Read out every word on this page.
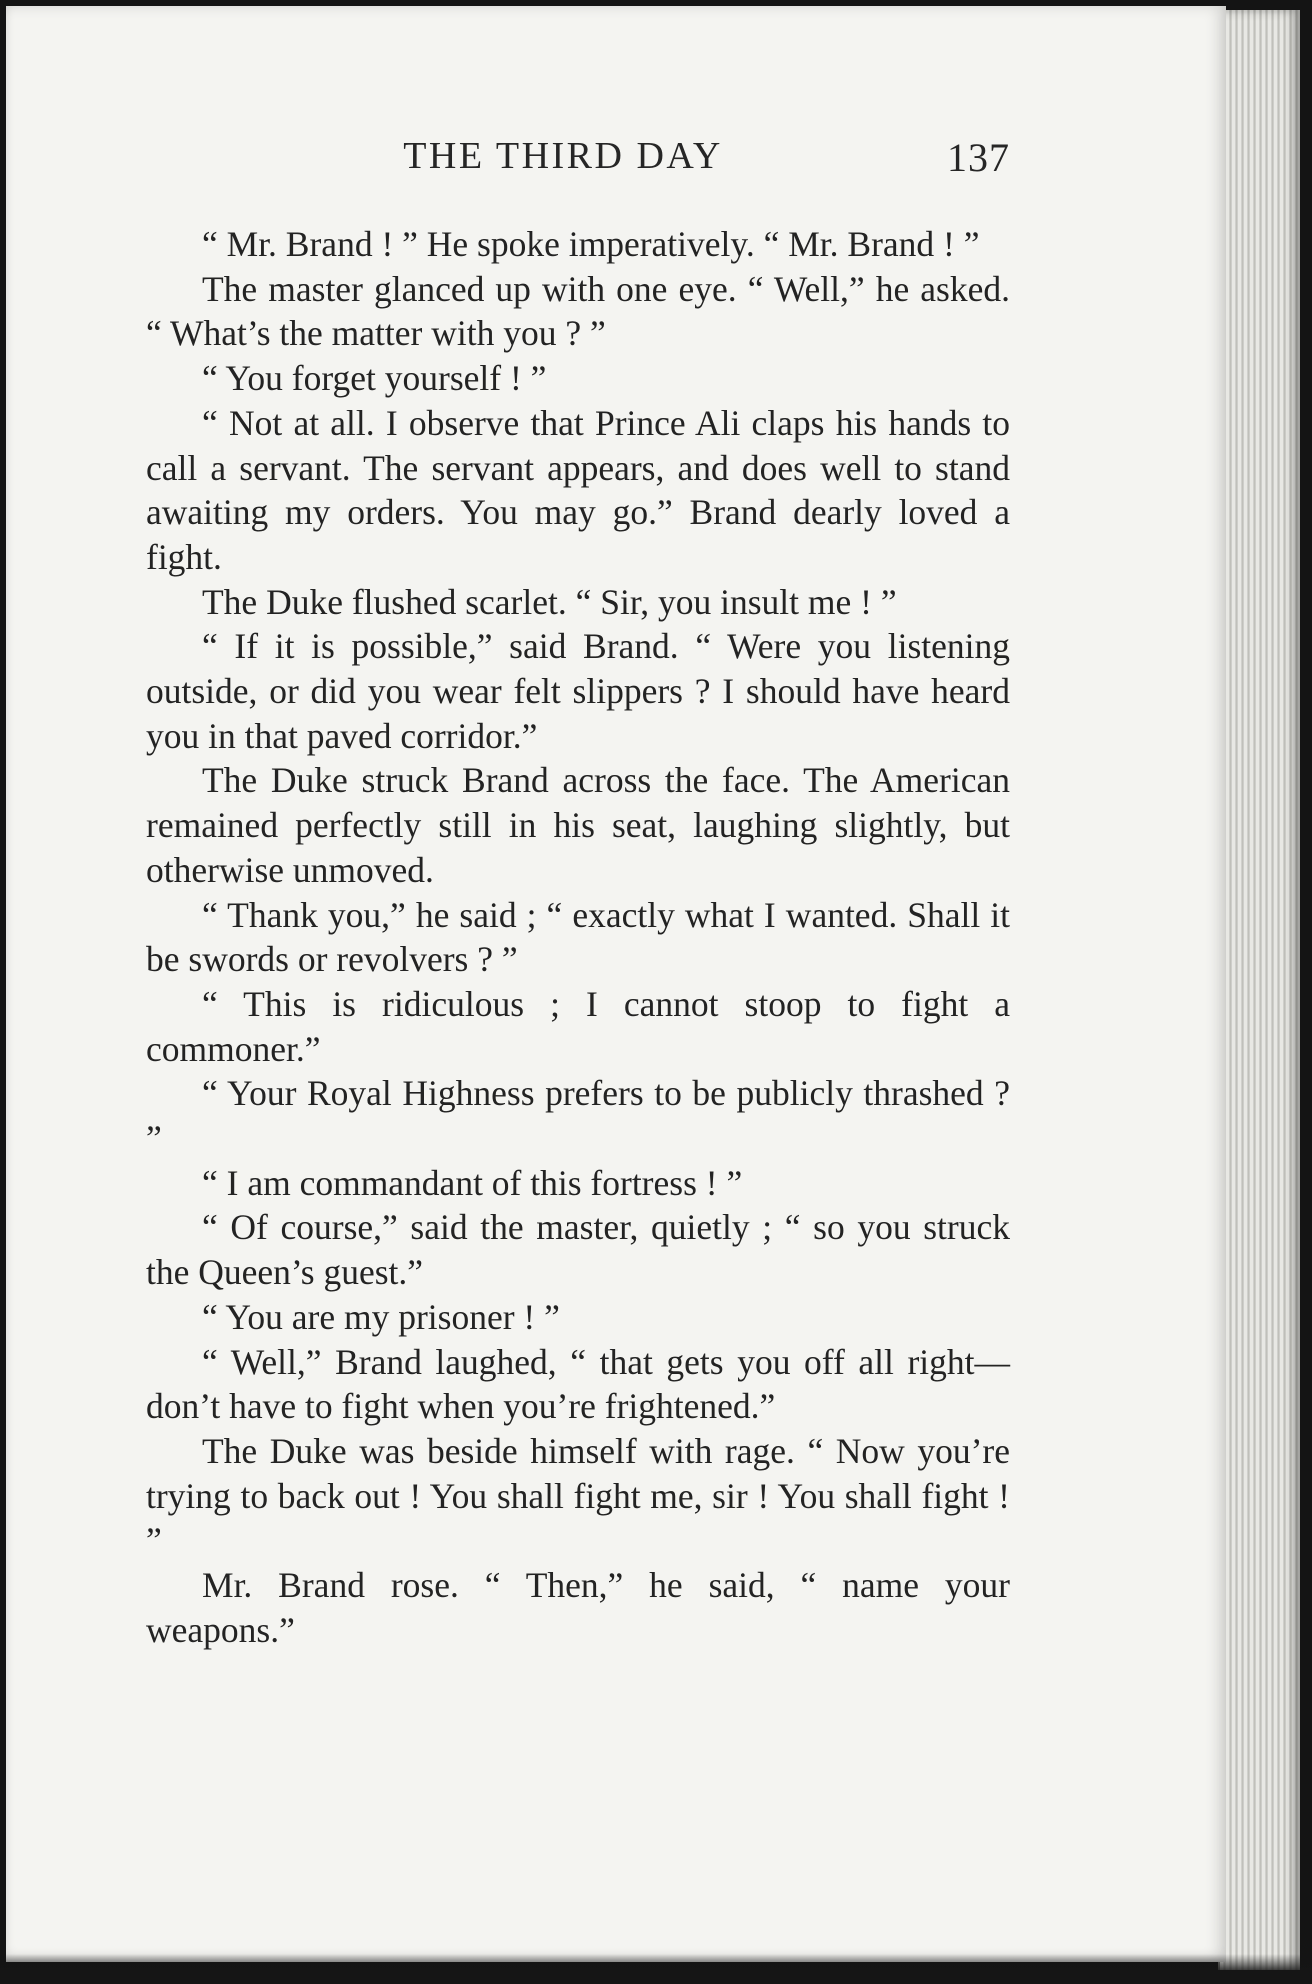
THE THIRD DAY	137

“ Mr. Brand ! ” He spoke imperatively. “ Mr. Brand ! ”

The master glanced up with one eye. “ Well,” he asked. “ What’s the matter with you ? ”

“ You forget yourself ! ”

“ Not at all. I observe that Prince Ali claps his hands to call a servant. The servant appears, and does well to stand awaiting my orders. You may go.” Brand dearly loved a fight.

The Duke flushed scarlet. “ Sir, you insult me ! ”

“ If it is possible,” said Brand. “ Were you listening outside, or did you wear felt slippers ? I should have heard you in that paved corridor.”

The Duke struck Brand across the face. The American remained perfectly still in his seat, laughing slightly, but otherwise unmoved.

“ Thank you,” he said ; “ exactly what I wanted. Shall it be swords or revolvers ? ”

“ This is ridiculous ; I cannot stoop to fight a commoner.”

“ Your Royal Highness prefers to be publicly thrashed ? ”

“ I am commandant of this fortress ! ”

“ Of course,” said the master, quietly ; “ so you struck the Queen’s guest.”

“ You are my prisoner ! ”

“ Well,” Brand laughed, “ that gets you off all right—don’t have to fight when you’re frightened.”

The Duke was beside himself with rage. “ Now you’re trying to back out ! You shall fight me, sir ! You shall fight ! ”

Mr. Brand rose. “ Then,” he said, “ name your weapons.”
